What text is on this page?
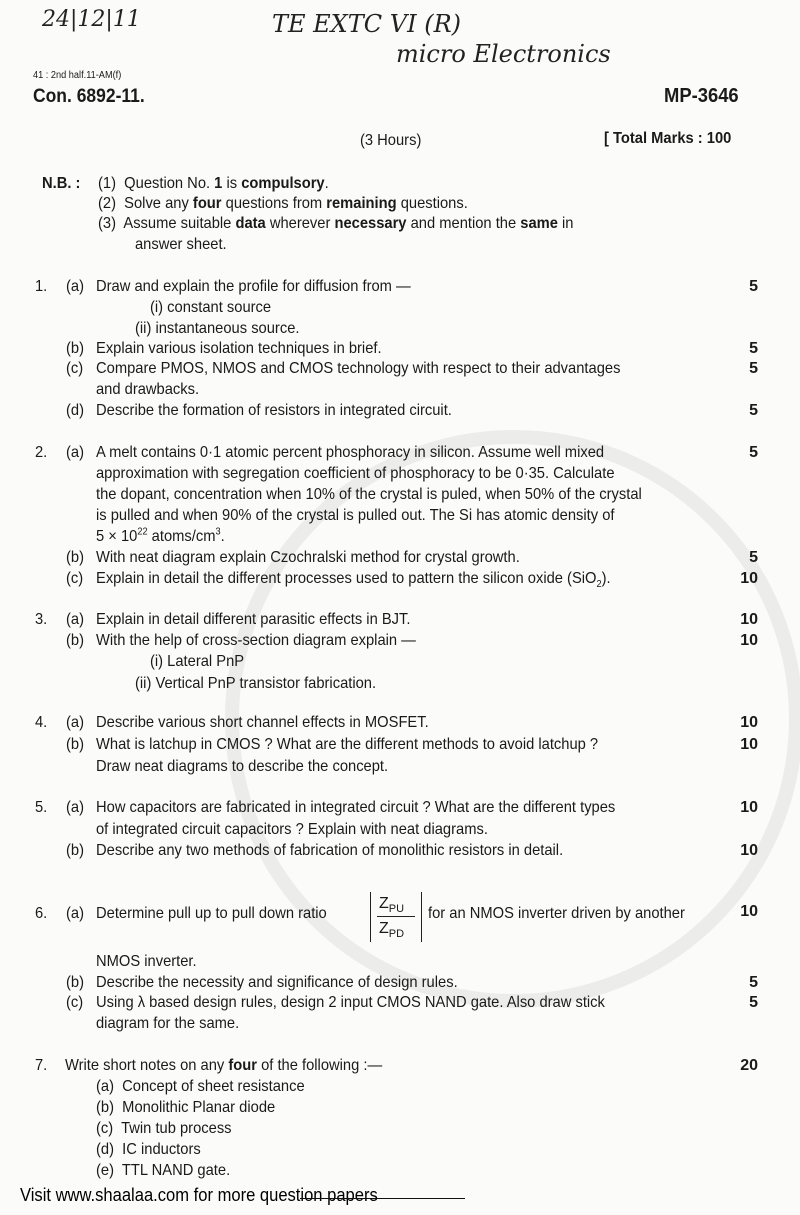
24|12|11	TE EXTC VI (R)
micro Electronics
41 : 2nd half.11-AM(f)
Con. 6892-11.	MP-3646
(3 Hours)	[ Total Marks : 100
N.B. : (1) Question No. 1 is compulsory.
(2) Solve any four questions from remaining questions.
(3) Assume suitable data wherever necessary and mention the same in
answer sheet.
1. (a) Draw and explain the profile for diffusion from —	5
(i) constant source
(ii) instantaneous source.
(b) Explain various isolation techniques in brief.	5
(c) Compare PMOS, NMOS and CMOS technology with respect to their advantages	5
and drawbacks.
(d) Describe the formation of resistors in integrated circuit.	5
2. (a) A melt contains 0·1 atomic percent phosphoracy in silicon. Assume well mixed	5
approximation with segregation coefficient of phosphoracy to be 0·35. Calculate
the dopant, concentration when 10% of the crystal is puled, when 50% of the crystal
is pulled and when 90% of the crystal is pulled out. The Si has atomic density of
$5 \times 10^{22}$ atoms/$cm^3$.
(b) With neat diagram explain Czochralski method for crystal growth.	5
(c) Explain in detail the different processes used to pattern the silicon oxide (SiO$_2$).	10
3. (a) Explain in detail different parasitic effects in BJT.	10
(b) With the help of cross-section diagram explain —	10
(i) Lateral PnP
(ii) Vertical PnP transistor fabrication.
4. (a) Describe various short channel effects in MOSFET.	10
(b) What is latchup in CMOS ? What are the different methods to avoid latchup ?	10
Draw neat diagrams to describe the concept.
5. (a) How capacitors are fabricated in integrated circuit ? What are the different types	10
of integrated circuit capacitors ? Explain with neat diagrams.
(b) Describe any two methods of fabrication of monolithic resistors in detail.	10
6. (a) Determine pull up to pull down ratio
$Z_{PU}$
$Z_{PD}$
for an NMOS inverter driven by another	10
NMOS inverter.
(b) Describe the necessity and significance of design rules.	5
(c) Using λ based design rules, design 2 input CMOS NAND gate. Also draw stick	5
diagram for the same.
7. Write short notes on any four of the following :—	20
(a) Concept of sheet resistance
(b) Monolithic Planar diode
(c) Twin tub process
(d) IC inductors
(e) TTL NAND gate.
Visit www.shaalaa.com for more question papers
